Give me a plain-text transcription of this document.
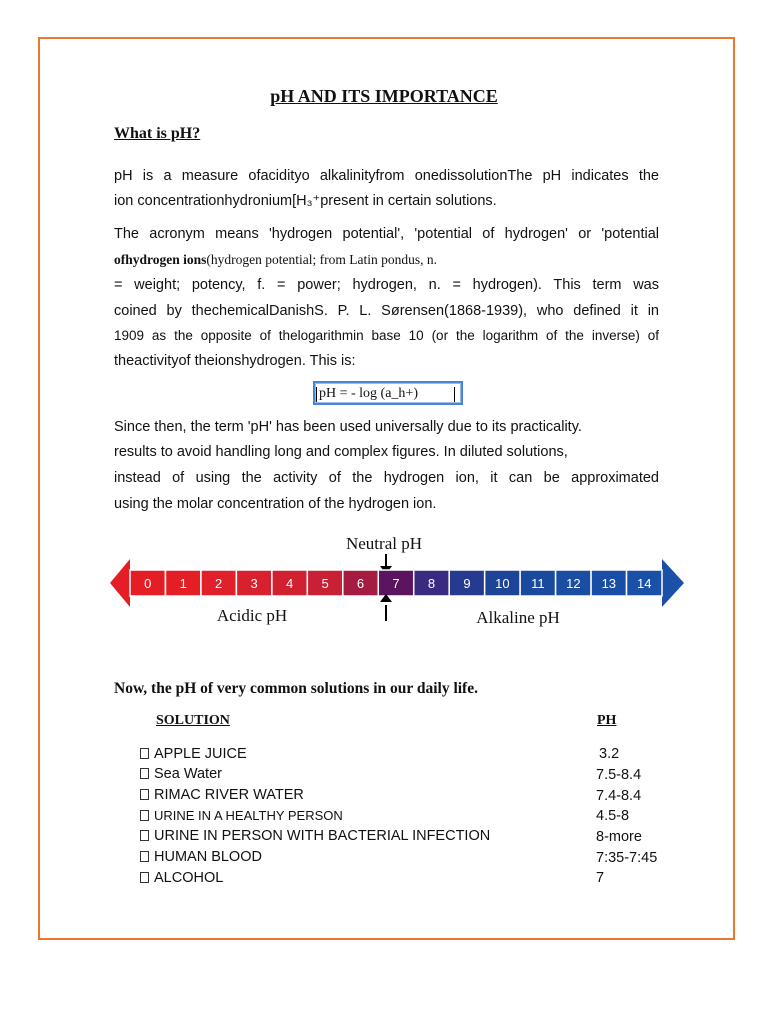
pH AND ITS IMPORTANCE
What is pH?
pH is a measure ofacidityo alkalinityfrom onedissolutionThe pH indicates the
ion concentrationhydronium[H₃⁺present in certain solutions.
The acronym means 'hydrogen potential', 'potential of hydrogen' or 'potential
ofhydrogen ions(hydrogen potential; from Latin pondus, n.
= weight; potency, f. = power; hydrogen, n. = hydrogen). This term was
coined by thechemicalDanishS. P. L. Sørensen(1868-1939), who defined it in
1909 as the opposite of thelogarithmin base 10 (or the logarithm of the inverse) of
theactivityof theionshydrogen. This is:
pH = - log (a_h+)
Since then, the term 'pH' has been used universally due to its practicality.
results to avoid handling long and complex figures. In diluted solutions,
instead of using the activity of the hydrogen ion, it can be approximated
using the molar concentration of the hydrogen ion.
Neutral pH
0 1 2 3 4 5 6 7 8 9 10 11 12 13 14
Acidic pH	Alkaline pH
Now, the pH of very common solutions in our daily life.
SOLUTION	PH
APPLE JUICE	3.2
Sea Water	7.5-8.4
RIMAC RIVER WATER	7.4-8.4
URINE IN A HEALTHY PERSON	4.5-8
URINE IN PERSON WITH BACTERIAL INFECTION	8-more
HUMAN BLOOD	7:35-7:45
ALCOHOL	7
